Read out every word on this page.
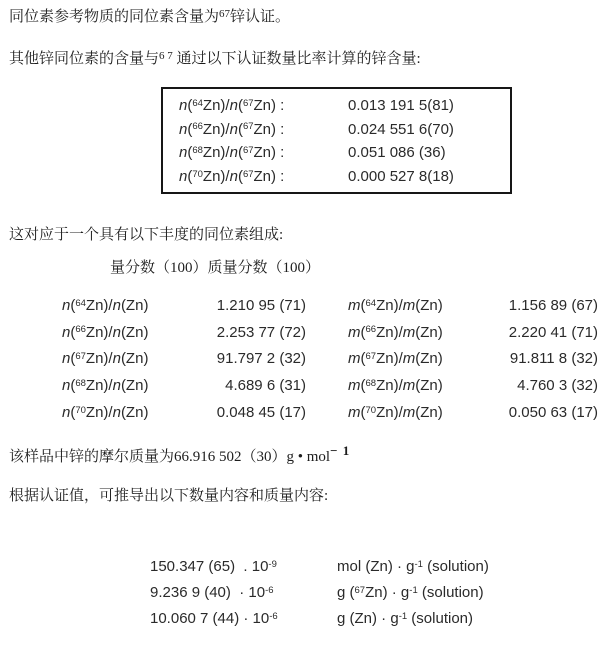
同位素参考物质的同位素含量为$^{67}$锌认证。
其他锌同位素的含量与$^{6 7}$ 通过以下认证数量比率计算的锌含量:
n($^{64}$Zn)/n($^{67}$Zn) :	0.013 191 5(81)
n($^{66}$Zn)/n($^{67}$Zn) :	0.024 551 6(70)
n($^{68}$Zn)/n($^{67}$Zn) :	0.051 086 (36)
n($^{70}$Zn)/n($^{67}$Zn) :	0.000 527 8(18)
这对应于一个具有以下丰度的同位素组成:
量分数（100）质量分数（100）
n($^{64}$Zn)/n(Zn)	1.210 95 (71)	m($^{64}$Zn)/m(Zn)	1.156 89 (67)
n($^{66}$Zn)/n(Zn)	2.253 77 (72)	m($^{66}$Zn)/m(Zn)	2.220 41 (71)
n($^{67}$Zn)/n(Zn)	91.797 2 (32)	m($^{67}$Zn)/m(Zn)	91.811 8 (32)
n($^{68}$Zn)/n(Zn)	4.689 6 (31)	m($^{68}$Zn)/m(Zn)	4.760 3 (32)
n($^{70}$Zn)/n(Zn)	0.048 45 (17)	m($^{70}$Zn)/m(Zn)	0.050 63 (17)
该样品中锌的摩尔质量为66.916 502（30）g • mol$^{- 1}$
根据认证值，可推导出以下数量内容和质量内容:
150.347 (65)  . $10^{-9}$	mol $(Zn) \cdot g^{-1}$ (solution)
9.236 9 $(40) \cdot 10^{-6}$	g $(^{67}Zn) \cdot g^{-1}$ (solution)
10.060 7 $(44) \cdot 10^{-6}$	g $(Zn) \cdot g^{-1}$ (solution)
